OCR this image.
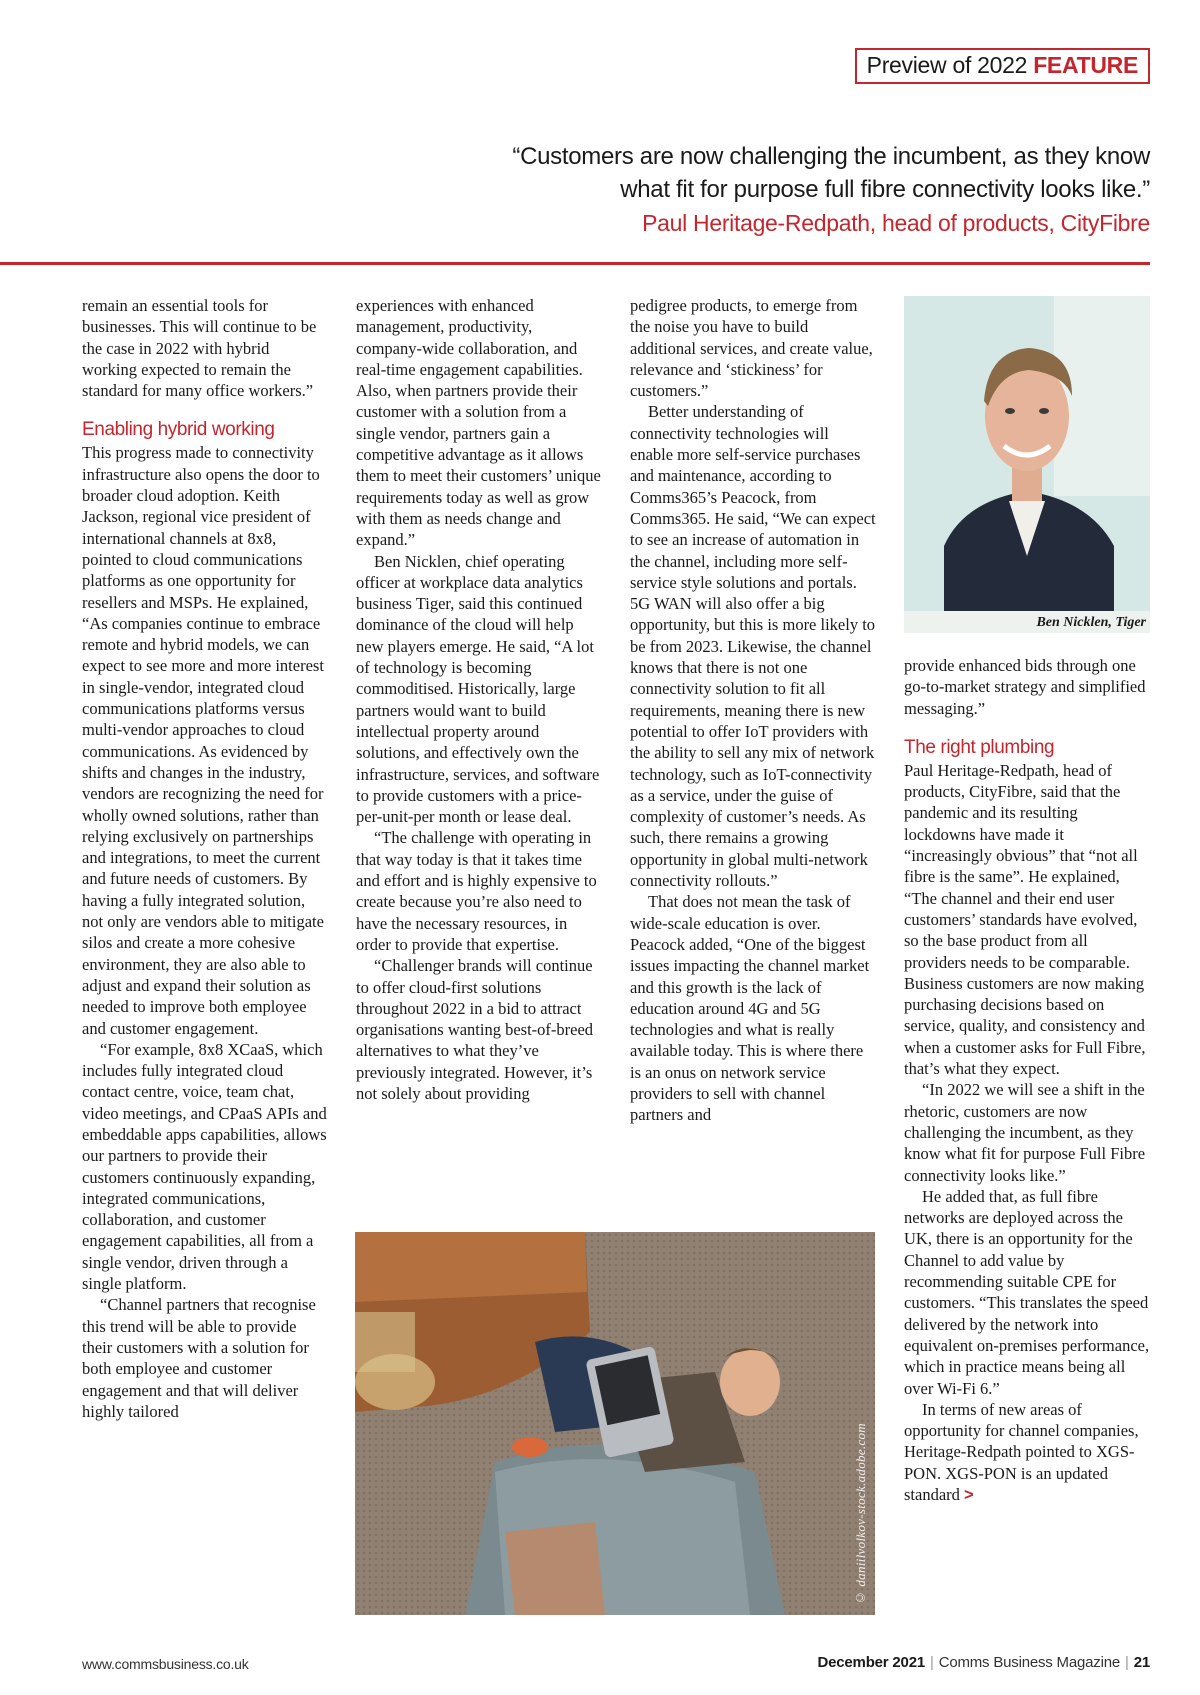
Preview of 2022 FEATURE
“Customers are now challenging the incumbent, as they know
what fit for purpose full fibre connectivity looks like.”
Paul Heritage-Redpath, head of products, CityFibre

remain an essential tools for businesses. This will continue to be the case in 2022 with hybrid working expected to remain the standard for many office workers.”

Enabling hybrid working

This progress made to connectivity infrastructure also opens the door to broader cloud adoption. Keith Jackson, regional vice president of international channels at 8x8, pointed to cloud communications platforms as one opportunity for resellers and MSPs. He explained, “As companies continue to embrace remote and hybrid models, we can expect to see more and more interest in single-vendor, integrated cloud communications platforms versus multi-vendor approaches to cloud communications. As evidenced by shifts and changes in the industry, vendors are recognizing the need for wholly owned solutions, rather than relying exclusively on partnerships and integrations, to meet the current and future needs of customers. By having a fully integrated solution, not only are vendors able to mitigate silos and create a more cohesive environment, they are also able to adjust and expand their solution as needed to improve both employee and customer engagement.

“For example, 8x8 XCaaS, which includes fully integrated cloud contact centre, voice, team chat, video meetings, and CPaaS APIs and embeddable apps capabilities, allows our partners to provide their customers continuously expanding, integrated communications, collaboration, and customer engagement capabilities, all from a single vendor, driven through a single platform.

“Channel partners that recognise this trend will be able to provide their customers with a solution for both employee and customer engagement and that will deliver highly tailored

experiences with enhanced management, productivity, company-wide collaboration, and real-time engagement capabilities. Also, when partners provide their customer with a solution from a single vendor, partners gain a competitive advantage as it allows them to meet their customers’ unique requirements today as well as grow with them as needs change and expand.”

Ben Nicklen, chief operating officer at workplace data analytics business Tiger, said this continued dominance of the cloud will help new players emerge. He said, “A lot of technology is becoming commoditised. Historically, large partners would want to build intellectual property around solutions, and effectively own the infrastructure, services, and software to provide customers with a price-per-unit-per month or lease deal.

“The challenge with operating in that way today is that it takes time and effort and is highly expensive to create because you’re also need to have the necessary resources, in order to provide that expertise.

“Challenger brands will continue to offer cloud-first solutions throughout 2022 in a bid to attract organisations wanting best-of-breed alternatives to what they’ve previously integrated. However, it’s not solely about providing

pedigree products, to emerge from the noise you have to build additional services, and create value, relevance and ‘stickiness’ for customers.”

Better understanding of connectivity technologies will enable more self-service purchases and maintenance, according to Comms365’s Peacock, from Comms365. He said, “We can expect to see an increase of automation in the channel, including more self-service style solutions and portals. 5G WAN will also offer a big opportunity, but this is more likely to be from 2023. Likewise, the channel knows that there is not one connectivity solution to fit all requirements, meaning there is new potential to offer IoT providers with the ability to sell any mix of network technology, such as IoT-connectivity as a service, under the guise of complexity of customer’s needs. As such, there remains a growing opportunity in global multi-network connectivity rollouts.”

That does not mean the task of wide-scale education is over. Peacock added, “One of the biggest issues impacting the channel market and this growth is the lack of education around 4G and 5G technologies and what is really available today. This is where there is an onus on network service providers to sell with channel partners and

Ben Nicklen, Tiger

provide enhanced bids through one go-to-market strategy and simplified messaging.”

The right plumbing

Paul Heritage-Redpath, head of products, CityFibre, said that the pandemic and its resulting lockdowns have made it “increasingly obvious” that “not all fibre is the same”. He explained, “The channel and their end user customers’ standards have evolved, so the base product from all providers needs to be comparable. Business customers are now making purchasing decisions based on service, quality, and consistency and when a customer asks for Full Fibre, that’s what they expect.

“In 2022 we will see a shift in the rhetoric, customers are now challenging the incumbent, as they know what fit for purpose Full Fibre connectivity looks like.”

He added that, as full fibre networks are deployed across the UK, there is an opportunity for the Channel to add value by recommending suitable CPE for customers. “This translates the speed delivered by the network into equivalent on-premises performance, which in practice means being all over Wi-Fi 6.”

In terms of new areas of opportunity for channel companies, Heritage-Redpath pointed to XGS-PON. XGS-PON is an updated standard >

© daniilvolkov-stock.adobe.com
www.commsbusiness.co.uk	December 2021 | Comms Business Magazine | 21
